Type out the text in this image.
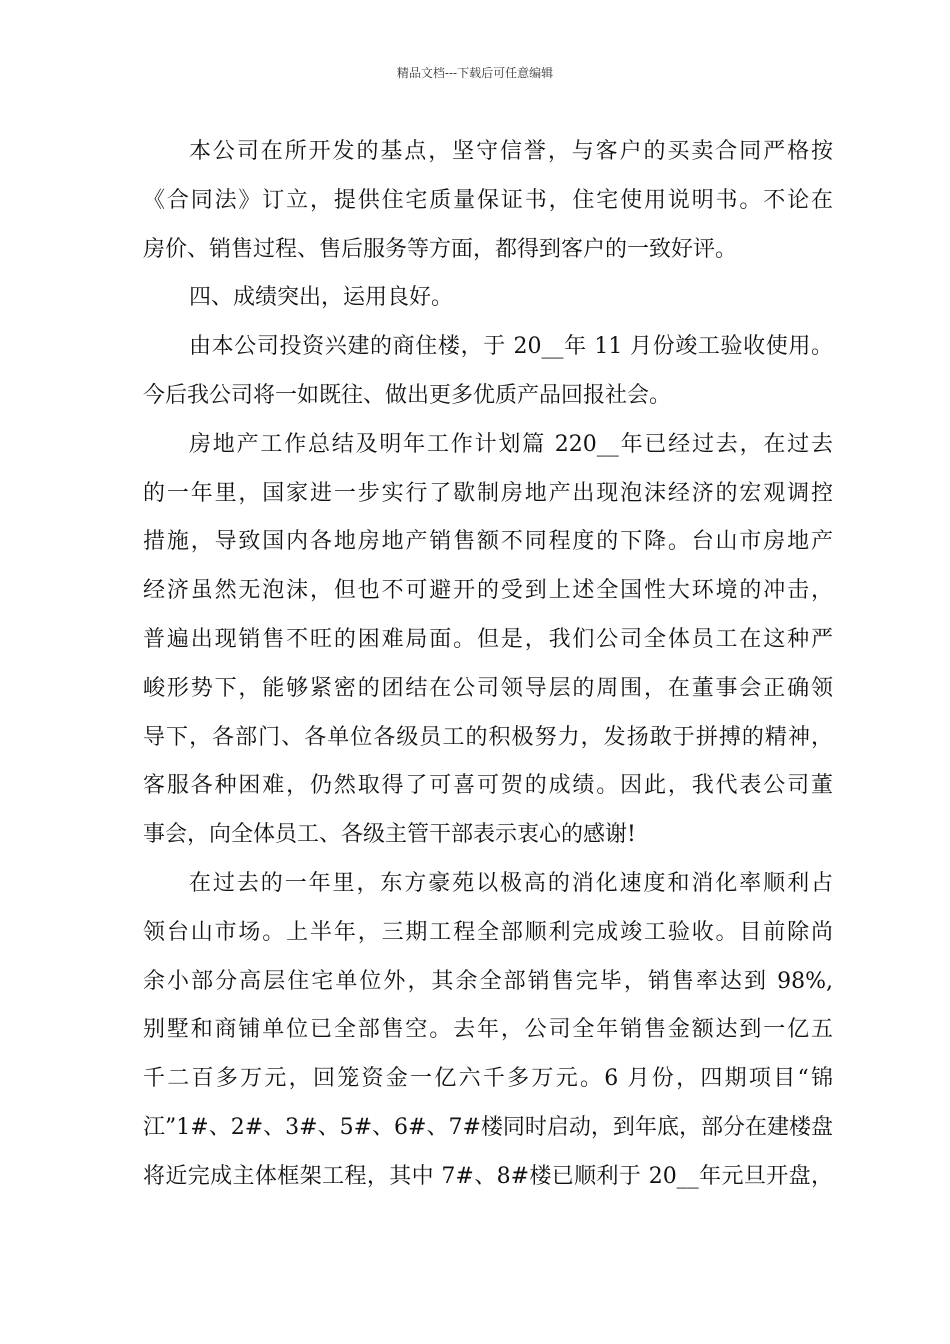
精品文档---下载后可任意编辑
本公司在所开发的基点，坚守信誉，与客户的买卖合同严格按
《合同法》订立，提供住宅质量保证书，住宅使用说明书。不论在
房价、销售过程、售后服务等方面，都得到客户的一致好评。
四、成绩突出，运用良好。
由本公司投资兴建的商住楼，于 20__年 11 月份竣工验收使用。
今后我公司将一如既往、做出更多优质产品回报社会。
房地产工作总结及明年工作计划篇 220__年已经过去，在过去
的一年里，国家进一步实行了歇制房地产出现泡沫经济的宏观调控
措施，导致国内各地房地产销售额不同程度的下降。台山市房地产
经济虽然无泡沫，但也不可避开的受到上述全国性大环境的冲击，
普遍出现销售不旺的困难局面。但是，我们公司全体员工在这种严
峻形势下，能够紧密的团结在公司领导层的周围，在董事会正确领
导下，各部门、各单位各级员工的积极努力，发扬敢于拼搏的精神，
客服各种困难，仍然取得了可喜可贺的成绩。因此，我代表公司董
事会，向全体员工、各级主管干部表示衷心的感谢!
在过去的一年里，东方豪苑以极高的消化速度和消化率顺利占
领台山市场。上半年，三期工程全部顺利完成竣工验收。目前除尚
余小部分高层住宅单位外，其余全部销售完毕，销售率达到 98%,
别墅和商铺单位已全部售空。去年，公司全年销售金额达到一亿五
千二百多万元，回笼资金一亿六千多万元。6 月份，四期项目“锦
江”1#、2#、3#、5#、6#、7#楼同时启动，到年底，部分在建楼盘
将近完成主体框架工程，其中 7#、8#楼已顺利于 20__年元旦开盘，
